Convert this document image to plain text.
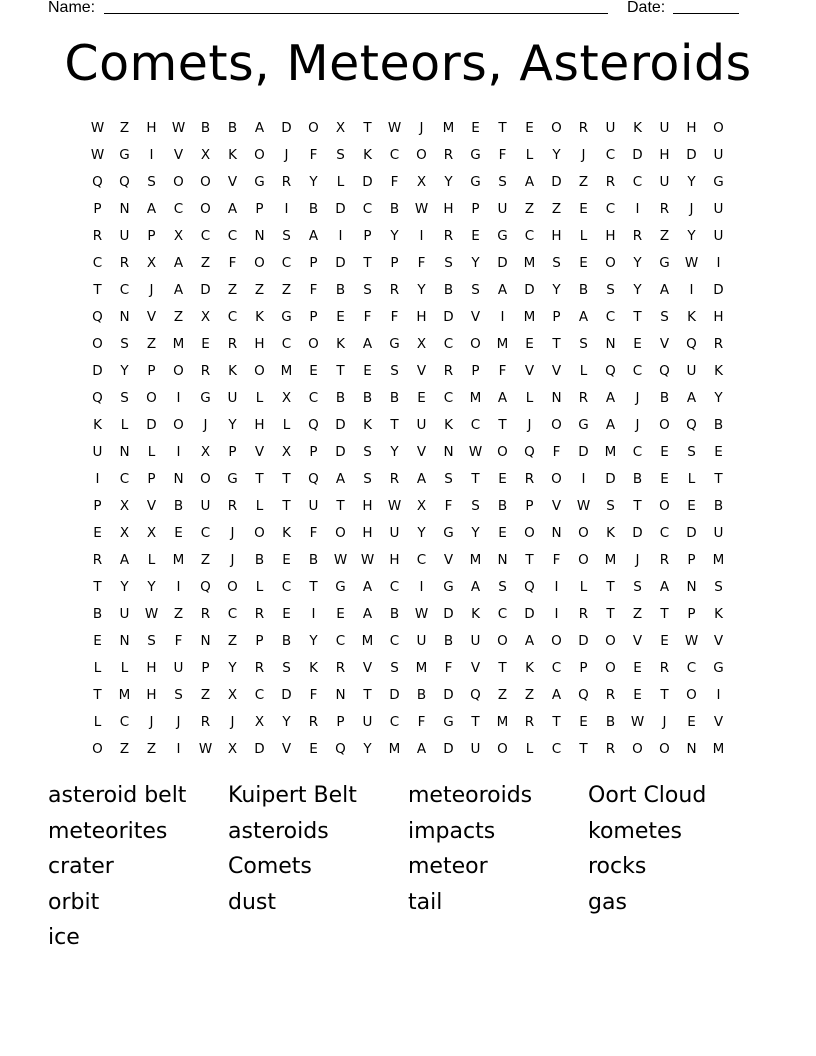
Name:	Date:
Comets, Meteors, Asteroids
W	Z	H	W	B	B	A	D	O	X	T	W	J	M	E	T	E	O	R	U	K	U	H	O
W	G	I	V	X	K	O	J	F	S	K	C	O	R	G	F	L	Y	J	C	D	H	D	U
Q	Q	S	O	O	V	G	R	Y	L	D	F	X	Y	G	S	A	D	Z	R	C	U	Y	G
P	N	A	C	O	A	P	I	B	D	C	B	W	H	P	U	Z	Z	E	C	I	R	J	U
R	U	P	X	C	C	N	S	A	I	P	Y	I	R	E	G	C	H	L	H	R	Z	Y	U
C	R	X	A	Z	F	O	C	P	D	T	P	F	S	Y	D	M	S	E	O	Y	G	W	I
T	C	J	A	D	Z	Z	Z	F	B	S	R	Y	B	S	A	D	Y	B	S	Y	A	I	D
Q	N	V	Z	X	C	K	G	P	E	F	F	H	D	V	I	M	P	A	C	T	S	K	H
O	S	Z	M	E	R	H	C	O	K	A	G	X	C	O	M	E	T	S	N	E	V	Q	R
D	Y	P	O	R	K	O	M	E	T	E	S	V	R	P	F	V	V	L	Q	C	Q	U	K
Q	S	O	I	G	U	L	X	C	B	B	B	E	C	M	A	L	N	R	A	J	B	A	Y
K	L	D	O	J	Y	H	L	Q	D	K	T	U	K	C	T	J	O	G	A	J	O	Q	B
U	N	L	I	X	P	V	X	P	D	S	Y	V	N	W	O	Q	F	D	M	C	E	S	E
I	C	P	N	O	G	T	T	Q	A	S	R	A	S	T	E	R	O	I	D	B	E	L	T
P	X	V	B	U	R	L	T	U	T	H	W	X	F	S	B	P	V	W	S	T	O	E	B
E	X	X	E	C	J	O	K	F	O	H	U	Y	G	Y	E	O	N	O	K	D	C	D	U
R	A	L	M	Z	J	B	E	B	W	W	H	C	V	M	N	T	F	O	M	J	R	P	M
T	Y	Y	I	Q	O	L	C	T	G	A	C	I	G	A	S	Q	I	L	T	S	A	N	S
B	U	W	Z	R	C	R	E	I	E	A	B	W	D	K	C	D	I	R	T	Z	T	P	K
E	N	S	F	N	Z	P	B	Y	C	M	C	U	B	U	O	A	O	D	O	V	E	W	V
L	L	H	U	P	Y	R	S	K	R	V	S	M	F	V	T	K	C	P	O	E	R	C	G
T	M	H	S	Z	X	C	D	F	N	T	D	B	D	Q	Z	Z	A	Q	R	E	T	O	I
L	C	J	J	R	J	X	Y	R	P	U	C	F	G	T	M	R	T	E	B	W	J	E	V
O	Z	Z	I	W	X	D	V	E	Q	Y	M	A	D	U	O	L	C	T	R	O	O	N	M
asteroid belt	Kuipert Belt	meteoroids	Oort Cloud
meteorites	asteroids	impacts	kometes
crater	Comets	meteor	rocks
orbit	dust	tail	gas
ice
